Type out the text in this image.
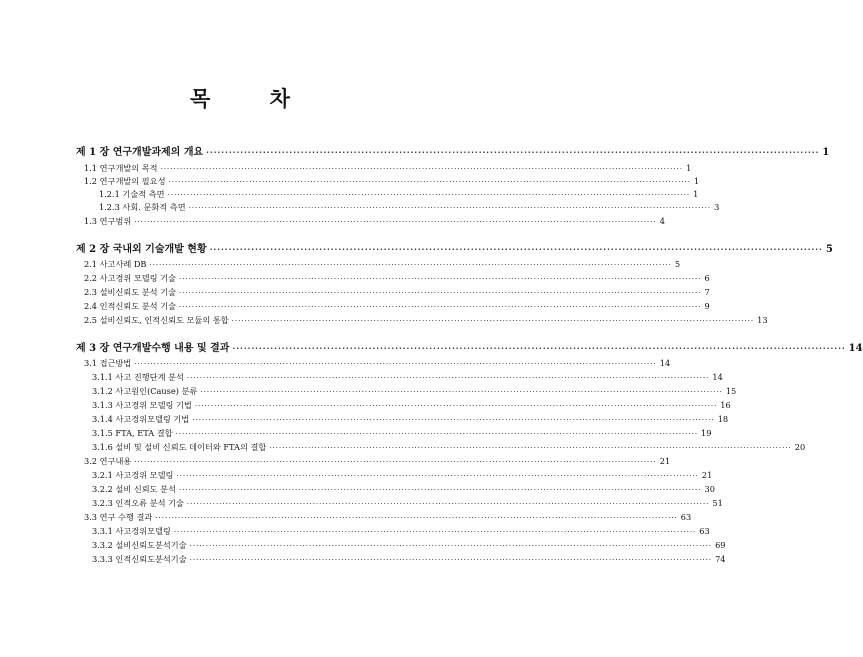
목 차
제 1 장 연구개발과제의 개요 ·································································································································································· 1
1.1 연구개발의 목적 ·································································································································································· 1
1.2 연구개발의 필요성 ·································································································································································· 1
1.2.1 기술적 측면 ·································································································································································· 1
1.2.3 사회. 문화적 측면 ·································································································································································· 3
1.3 연구범위 ·································································································································································· 4
제 2 장 국내외 기술개발 현황 ·································································································································································· 5
2.1 사고사례 DB ·································································································································································· 5
2.2 사고경위 모델링 기술 ·································································································································································· 6
2.3 설비신뢰도 분석 기술 ·································································································································································· 7
2.4 인적신뢰도 분석 기술 ·································································································································································· 9
2.5 설비신뢰도, 인적신뢰도 모듈의 통합 ·································································································································································· 13
제 3 장 연구개발수행 내용 및 결과 ·································································································································································· 14
3.1 접근방법 ·································································································································································· 14
3.1.1 사고 진행단계 분석 ·································································································································································· 14
3.1.2 사고원인(Cause) 분류 ·································································································································································· 15
3.1.3 사고경위 모델링 기법 ·································································································································································· 16
3.1.4 사고경위모델링 기법 ·································································································································································· 18
3.1.5 FTA, ETA 결합 ·································································································································································· 19
3.1.6 설비 및 설비 신뢰도 데이터와 FTA의 결합 ·································································································································································· 20
3.2 연구내용 ·································································································································································· 21
3.2.1 사고경위 모델링 ·································································································································································· 21
3.2.2 설비 신뢰도 분석 ·································································································································································· 30
3.2.3 인적오류 분석 기술 ·································································································································································· 51
3.3 연구 수행 결과 ·································································································································································· 63
3.3.1 사고경위모델링 ·································································································································································· 63
3.3.2 설비신뢰도분석기술 ·································································································································································· 69
3.3.3 인적신뢰도분석기술 ·································································································································································· 74
